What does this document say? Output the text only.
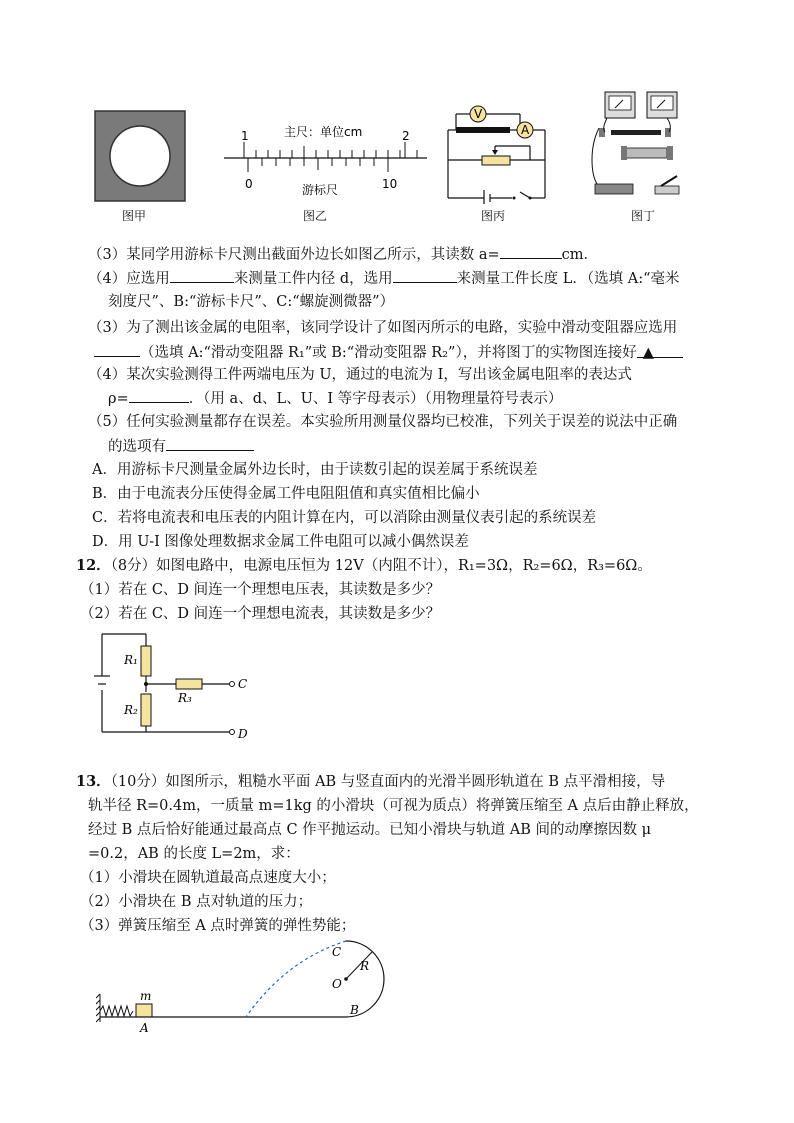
图甲
1	2
主尺：单位cm
0	10
游标尺
图乙
V
A
图丙	图丁
（3）某同学用游标卡尺测出截面外边长如图乙所示，其读数 a=	cm．
（4）应选用	来测量工件内径 d，选用	来测量工件长度 L．（选填 A:“毫米
刻度尺”、B:“游标卡尺”、C:“螺旋测微器”）
（3）为了测出该金属的电阻率，该同学设计了如图丙所示的电路，实验中滑动变阻器应选用
（选填 A:“滑动变阻器 R₁”或 B:“滑动变阻器 R₂”），并将图丁的实物图连接好 ▲
（4）某次实验测得工件两端电压为 U，通过的电流为 I，写出该金属电阻率的表达式
ρ=	．（用 a、d、L、U、I 等字母表示）（用物理量符号表示）
（5）任何实验测量都存在误差。本实验所用测量仪器均已校准，下列关于误差的说法中正确
的选项有
A．用游标卡尺测量金属外边长时，由于读数引起的误差属于系统误差
B．由于电流表分压使得金属工件电阻阻值和真实值相比偏小
C．若将电流表和电压表的内阻计算在内，可以消除由测量仪表引起的系统误差
D．用 U-I 图像处理数据求金属工件电阻可以减小偶然误差
12．（8分）如图电路中，电源电压恒为 12V（内阻不计），R₁=3Ω，R₂=6Ω，R₃=6Ω。
（1）若在 C、D 间连一个理想电压表，其读数是多少？
（2）若在 C、D 间连一个理想电流表，其读数是多少？
R₁
R₂
R₃
C
D
13．（10分）如图所示，粗糙水平面 AB 与竖直面内的光滑半圆形轨道在 B 点平滑相接，导
轨半径 R=0.4m，一质量 m=1kg 的小滑块（可视为质点）将弹簧压缩至 A 点后由静止释放，
经过 B 点后恰好能通过最高点 C 作平抛运动。已知小滑块与轨道 AB 间的动摩擦因数 μ
=0.2，AB 的长度 L=2m，求：
（1）小滑块在圆轨道最高点速度大小；
（2）小滑块在 B 点对轨道的压力；
（3）弹簧压缩至 A 点时弹簧的弹性势能；
m
A
B
C
R
O
